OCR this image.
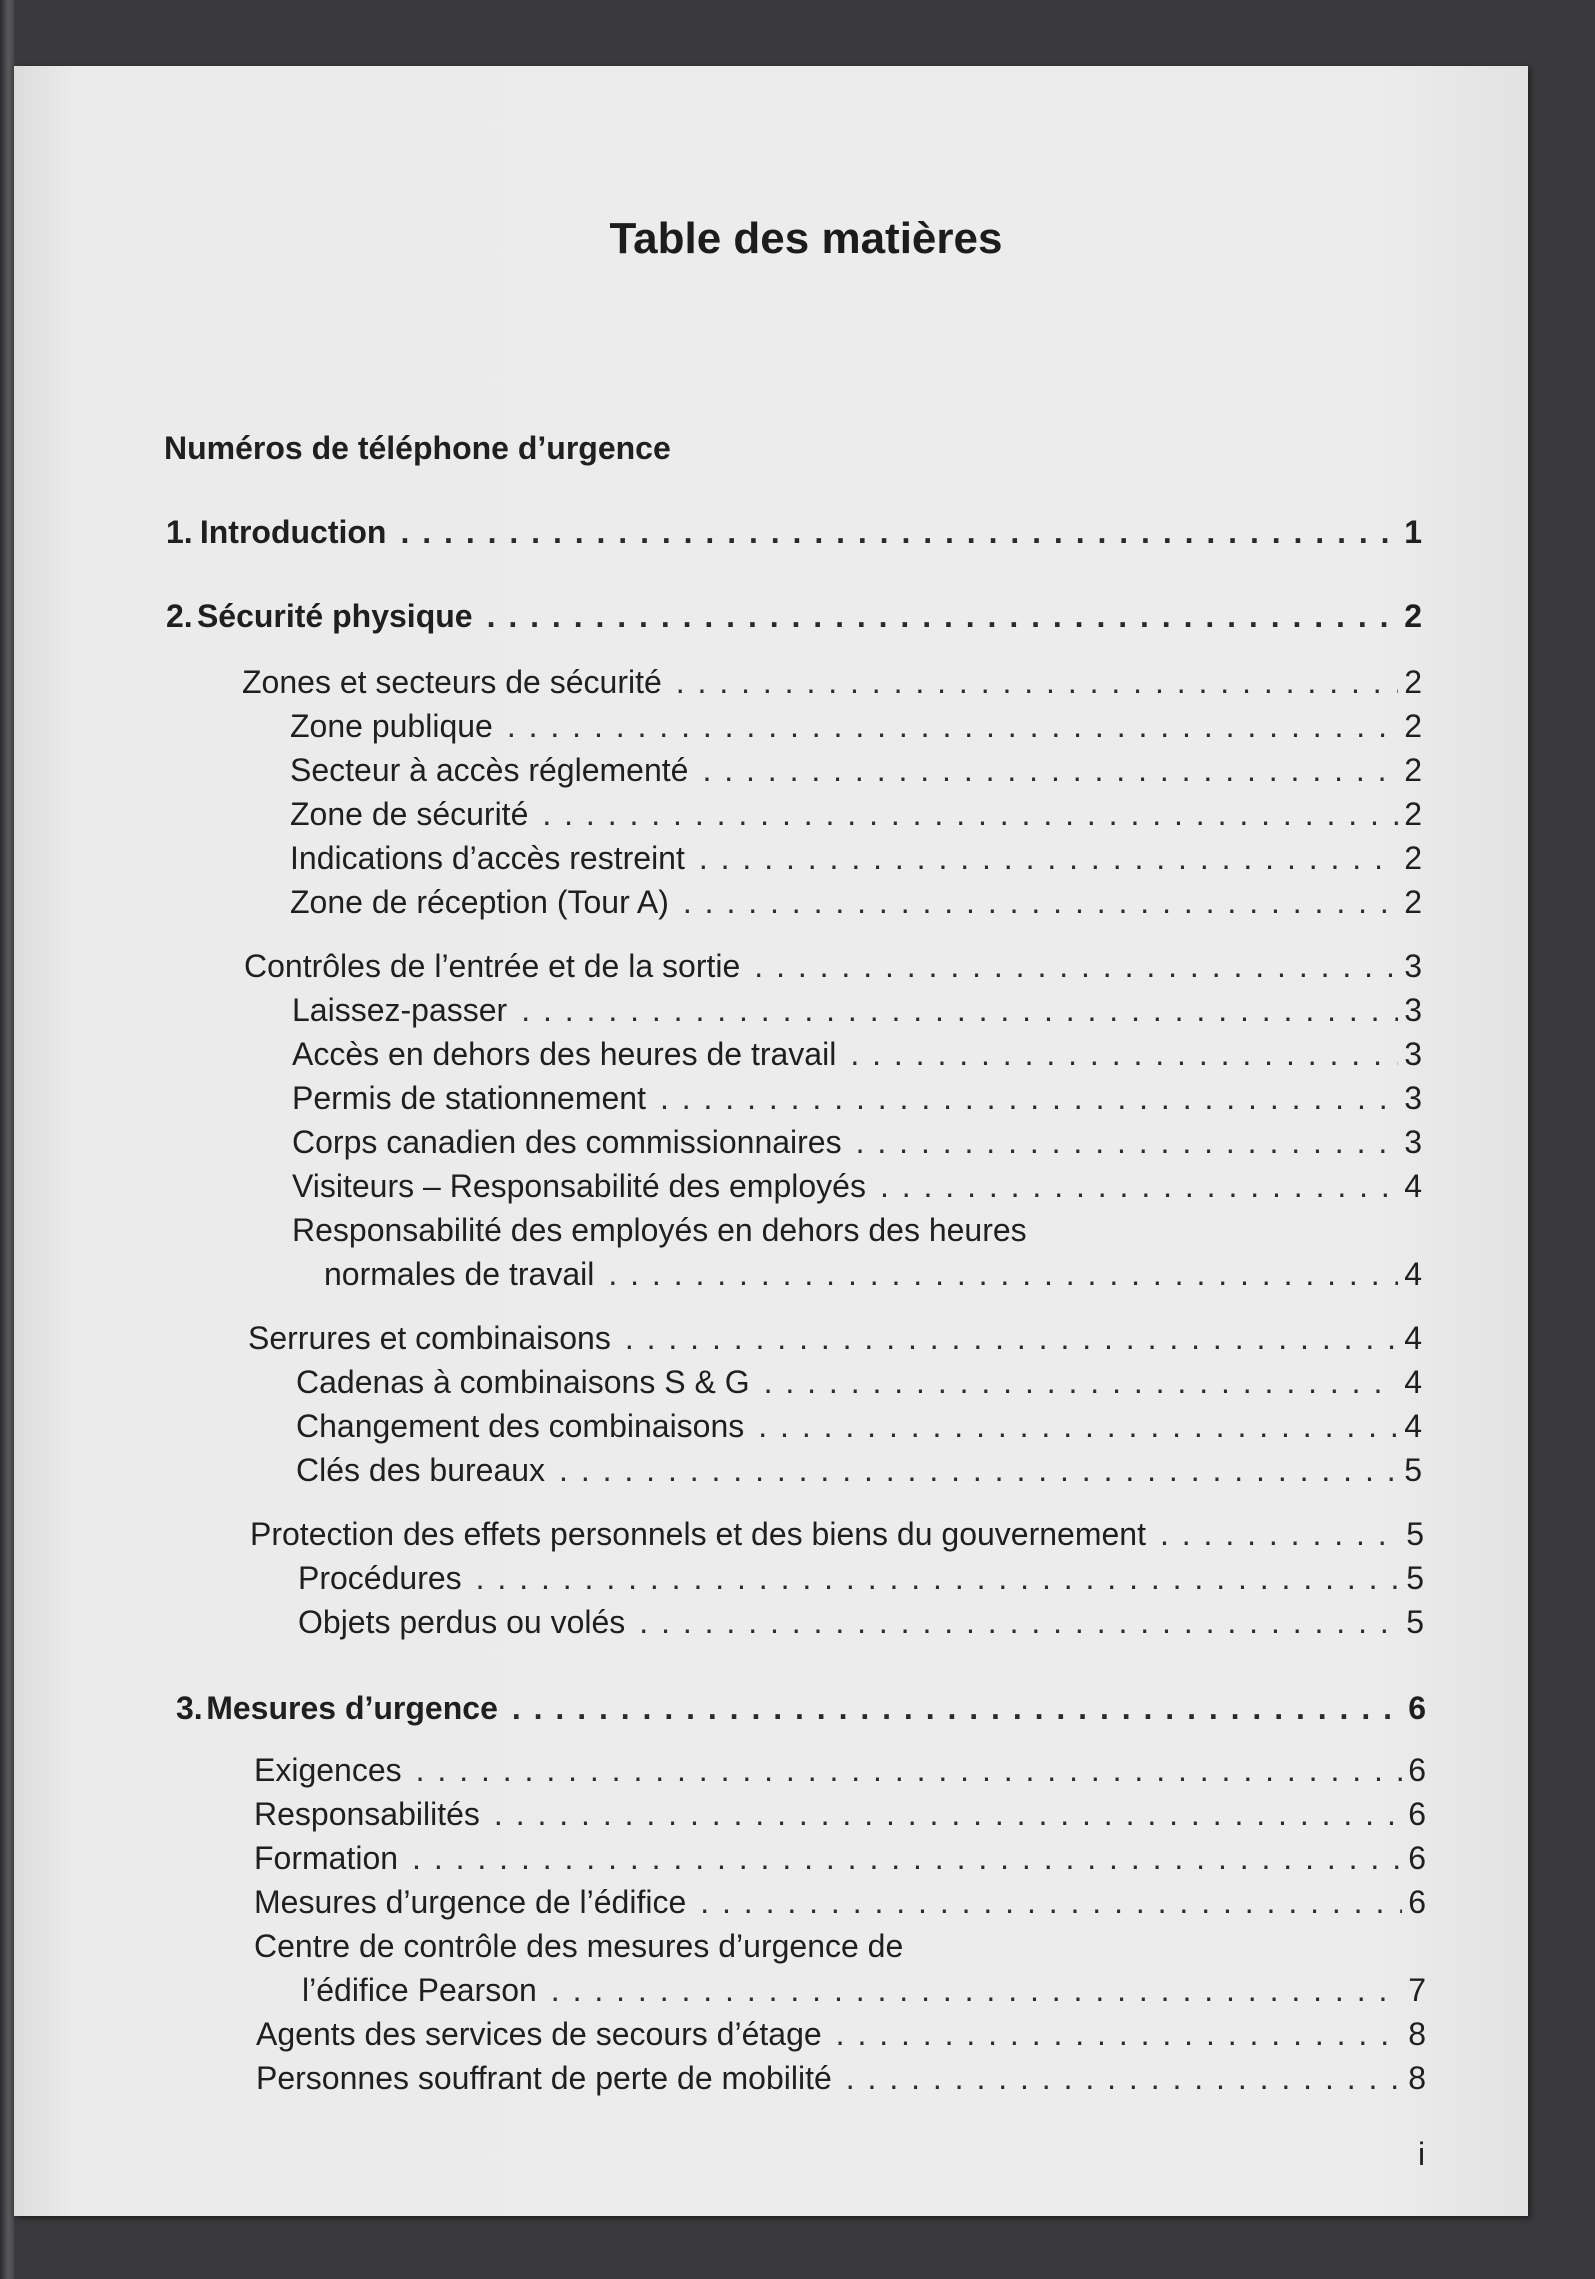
Table des matières
Numéros de téléphone d’urgence
1. Introduction . . .	1
2. Sécurité physique . . .	2
Zones et secteurs de sécurité . . .	2
Zone publique . . .	2
Secteur à accès réglementé . . .	2
Zone de sécurité . . .	2
Indications d’accès restreint . . .	2
Zone de réception (Tour A) . . .	2
Contrôles de l’entrée et de la sortie . . .	3
Laissez-passer . . .	3
Accès en dehors des heures de travail . . .	3
Permis de stationnement . . .	3
Corps canadien des commissionnaires . . .	3
Visiteurs – Responsabilité des employés . . .	4
Responsabilité des employés en dehors des heures
normales de travail . . .	4
Serrures et combinaisons . . .	4
Cadenas à combinaisons S & G . . .	4
Changement des combinaisons . . .	4
Clés des bureaux . . .	5
Protection des effets personnels et des biens du gouvernement . . .	5
Procédures . . .	5
Objets perdus ou volés . . .	5
3. Mesures d’urgence . . .	6
Exigences . . .	6
Responsabilités . . .	6
Formation . . .	6
Mesures d’urgence de l’édifice . . .	6
Centre de contrôle des mesures d’urgence de
l’édifice Pearson . . .	7
Agents des services de secours d’étage . . .	8
Personnes souffrant de perte de mobilité . . .	8
i
